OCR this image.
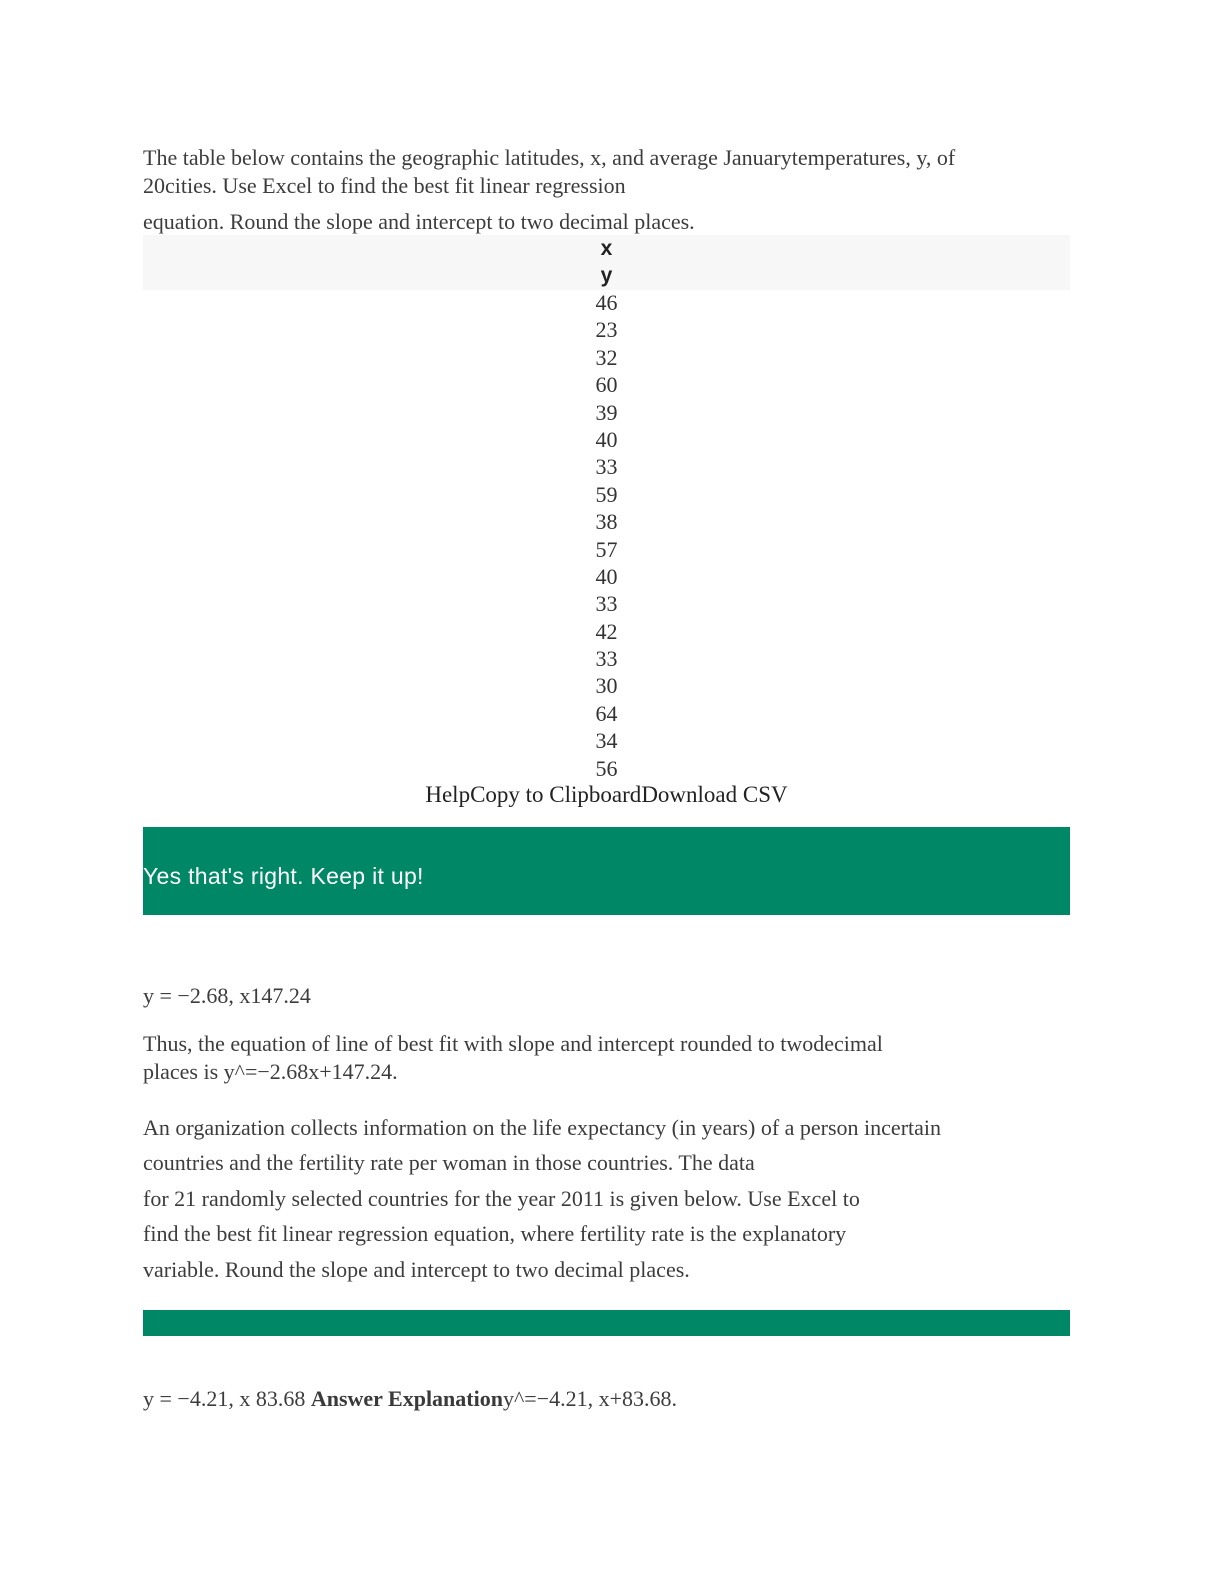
The table below contains the geographic latitudes, x, and average Januarytemperatures, y, of
20cities. Use Excel to find the best fit linear regression
equation. Round the slope and intercept to two decimal places.
x
y
46
23
32
60
39
40
33
59
38
57
40
33
42
33
30
64
34
56
HelpCopy to ClipboardDownload CSV
Yes that's right. Keep it up!
y = −2.68, x147.24
Thus, the equation of line of best fit with slope and intercept rounded to twodecimal
places is y^=−2.68x+147.24.
An organization collects information on the life expectancy (in years) of a person incertain
countries and the fertility rate per woman in those countries. The data
for 21 randomly selected countries for the year 2011 is given below. Use Excel to
find the best fit linear regression equation, where fertility rate is the explanatory
variable. Round the slope and intercept to two decimal places.
y = −4.21, x 83.68 Answer Explanationy^=−4.21, x+83.68.
